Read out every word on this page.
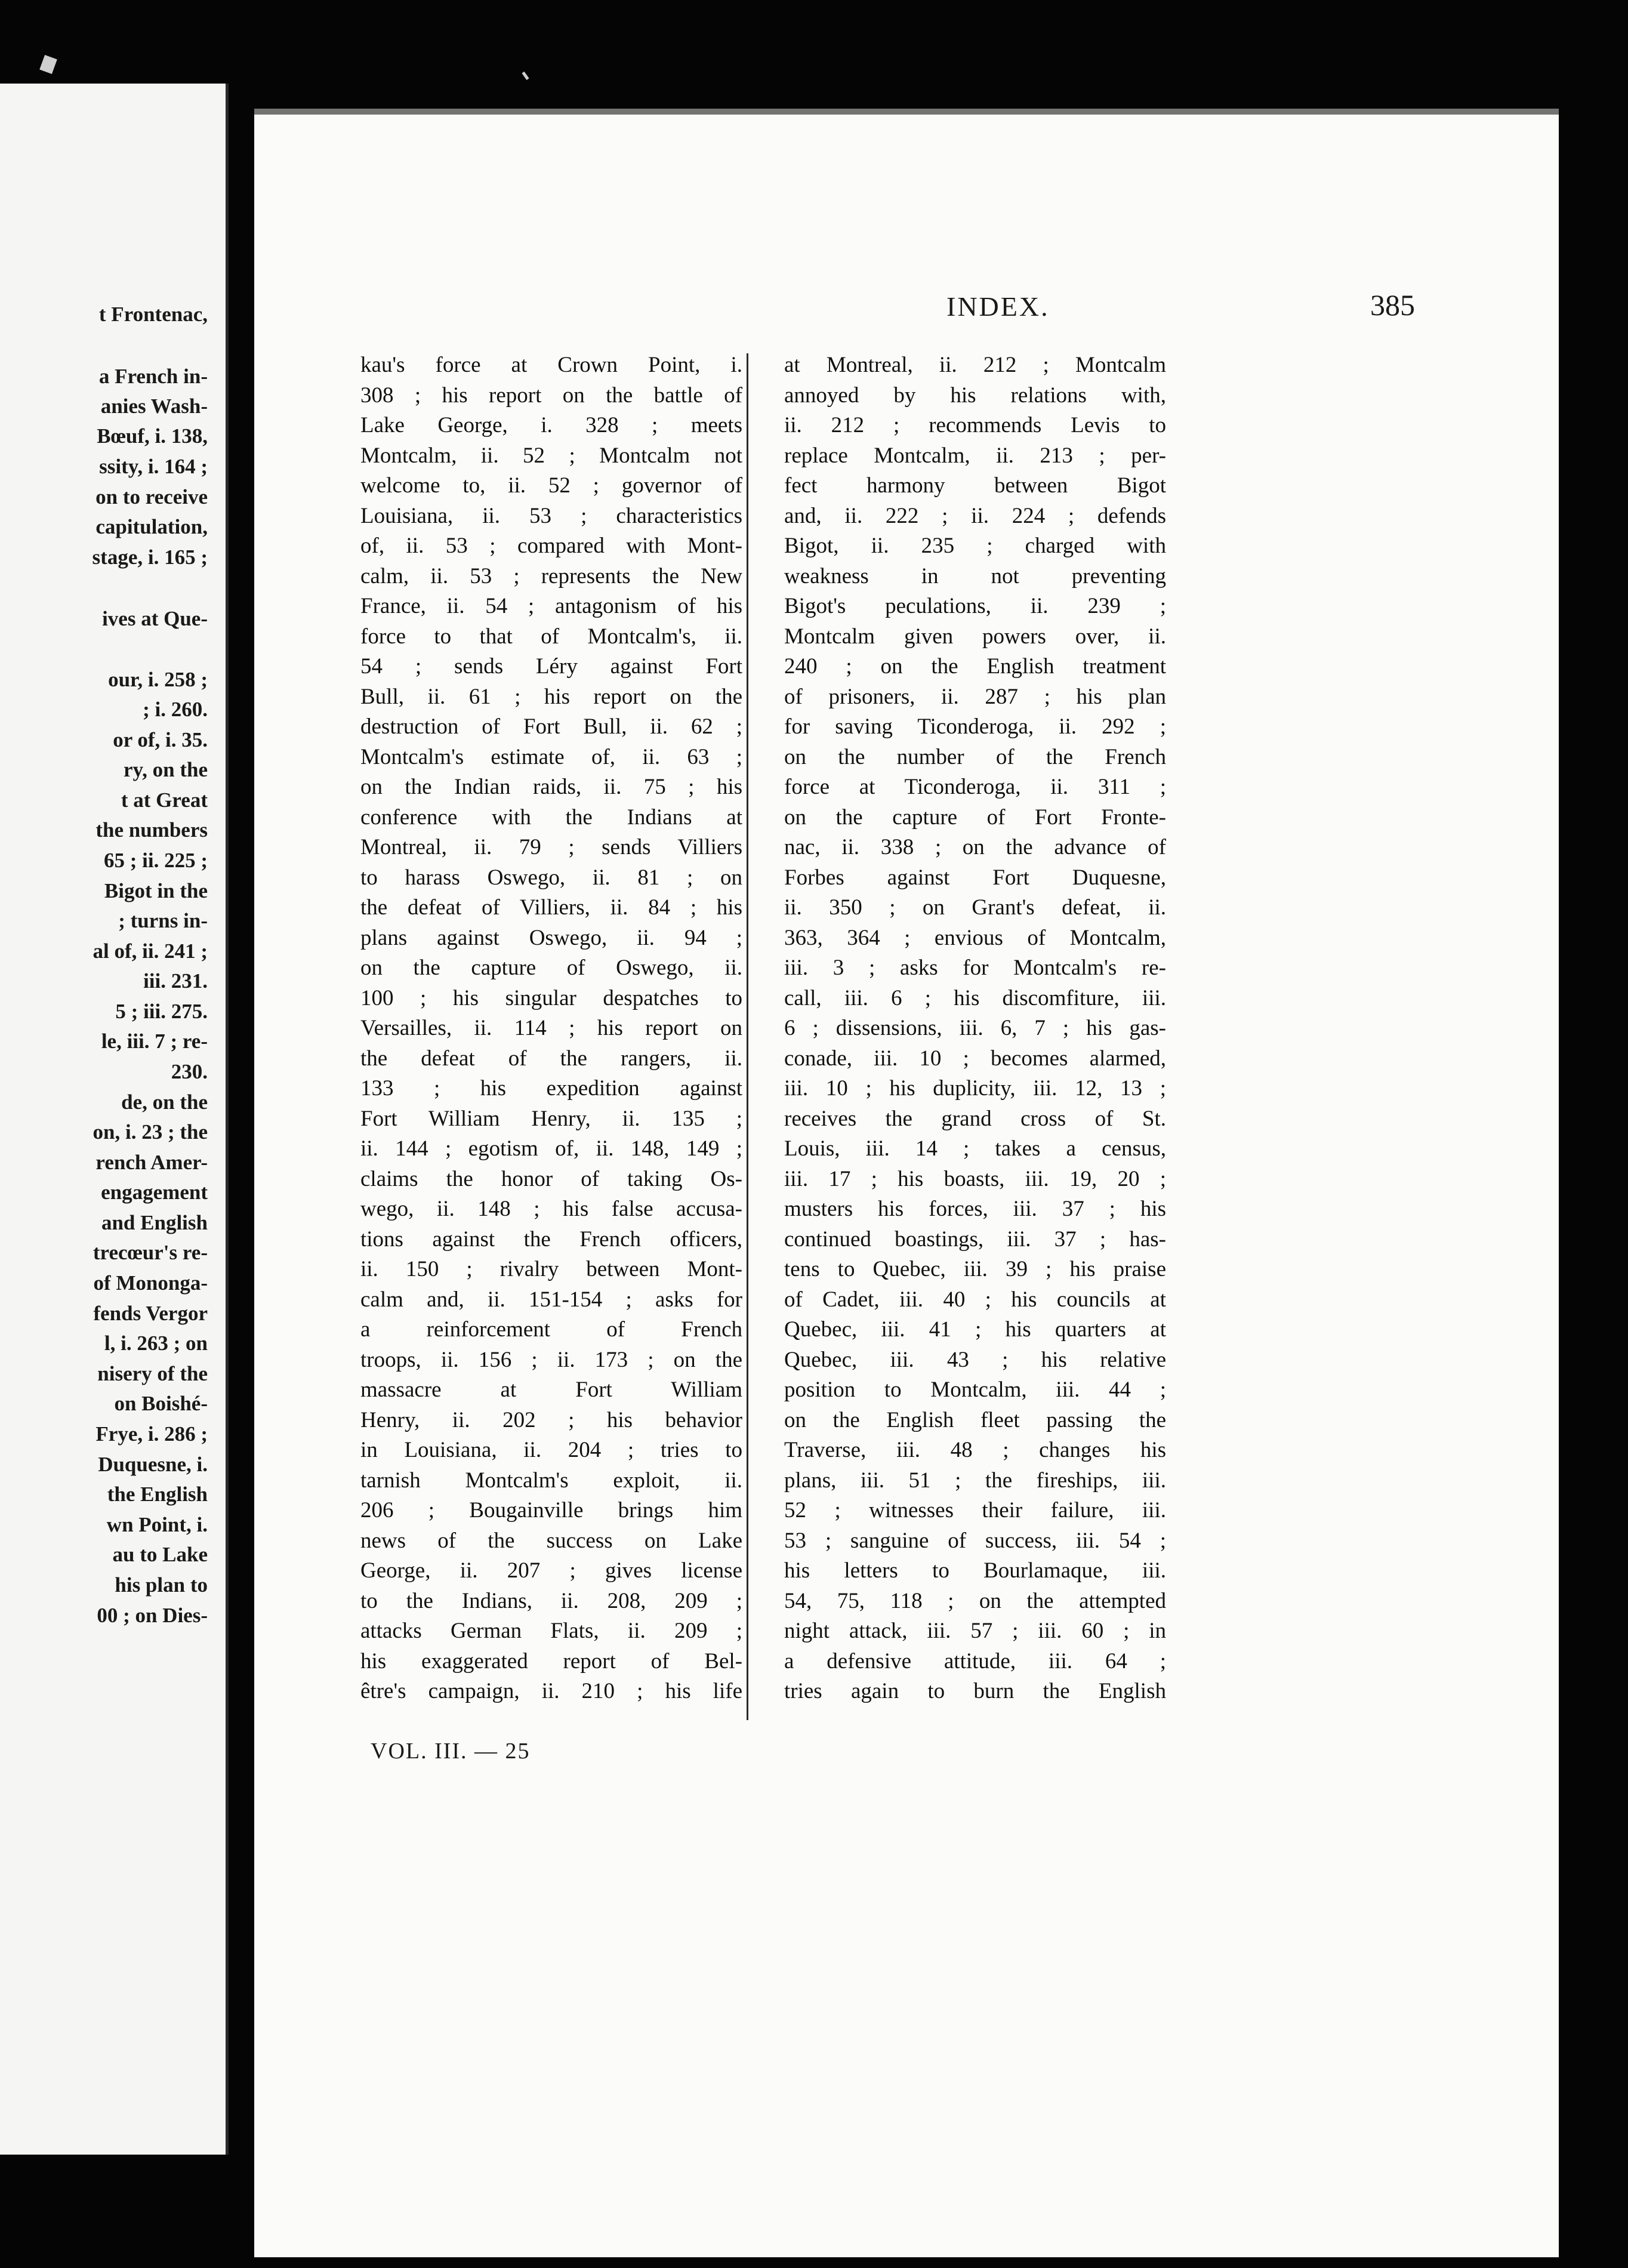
t Frontenac,
a French in-
anies Wash-
Bœuf, i. 138,
ssity, i. 164 ;
on to receive
capitulation,
stage, i. 165 ;
ives at Que-
our, i. 258 ;
; i. 260.
or of, i. 35.
ry, on the
t at Great
the numbers
65 ; ii. 225 ;
Bigot in the
; turns in-
al of, ii. 241 ;
iii. 231.
5 ; iii. 275.
le, iii. 7 ; re-
230.
de, on the
on, i. 23 ; the
rench Amer-
engagement
and English
trecœur's re-
of Mononga-
fends Vergor
l, i. 263 ; on
nisery of the
on Boishé-
Frye, i. 286 ;
Duquesne, i.
the English
wn Point, i.
au to Lake
his plan to
00 ; on Dies-
INDEX.	385
kau's force at Crown Point, i.
308 ; his report on the battle of
Lake George, i. 328 ; meets
Montcalm, ii. 52 ; Montcalm not
welcome to, ii. 52 ; governor of
Louisiana, ii. 53 ; characteristics
of, ii. 53 ; compared with Mont-
calm, ii. 53 ; represents the New
France, ii. 54 ; antagonism of his
force to that of Montcalm's, ii.
54 ; sends Léry against Fort
Bull, ii. 61 ; his report on the
destruction of Fort Bull, ii. 62 ;
Montcalm's estimate of, ii. 63 ;
on the Indian raids, ii. 75 ; his
conference with the Indians at
Montreal, ii. 79 ; sends Villiers
to harass Oswego, ii. 81 ; on
the defeat of Villiers, ii. 84 ; his
plans against Oswego, ii. 94 ;
on the capture of Oswego, ii.
100 ; his singular despatches to
Versailles, ii. 114 ; his report on
the defeat of the rangers, ii.
133 ; his expedition against
Fort William Henry, ii. 135 ;
ii. 144 ; egotism of, ii. 148, 149 ;
claims the honor of taking Os-
wego, ii. 148 ; his false accusa-
tions against the French officers,
ii. 150 ; rivalry between Mont-
calm and, ii. 151-154 ; asks for
a reinforcement of French
troops, ii. 156 ; ii. 173 ; on the
massacre at Fort William
Henry, ii. 202 ; his behavior
in Louisiana, ii. 204 ; tries to
tarnish Montcalm's exploit, ii.
206 ; Bougainville brings him
news of the success on Lake
George, ii. 207 ; gives license
to the Indians, ii. 208, 209 ;
attacks German Flats, ii. 209 ;
his exaggerated report of Bel-
être's campaign, ii. 210 ; his life
at Montreal, ii. 212 ; Montcalm
annoyed by his relations with,
ii. 212 ; recommends Levis to
replace Montcalm, ii. 213 ; per-
fect harmony between Bigot
and, ii. 222 ; ii. 224 ; defends
Bigot, ii. 235 ; charged with
weakness in not preventing
Bigot's peculations, ii. 239 ;
Montcalm given powers over, ii.
240 ; on the English treatment
of prisoners, ii. 287 ; his plan
for saving Ticonderoga, ii. 292 ;
on the number of the French
force at Ticonderoga, ii. 311 ;
on the capture of Fort Fronte-
nac, ii. 338 ; on the advance of
Forbes against Fort Duquesne,
ii. 350 ; on Grant's defeat, ii.
363, 364 ; envious of Montcalm,
iii. 3 ; asks for Montcalm's re-
call, iii. 6 ; his discomfiture, iii.
6 ; dissensions, iii. 6, 7 ; his gas-
conade, iii. 10 ; becomes alarmed,
iii. 10 ; his duplicity, iii. 12, 13 ;
receives the grand cross of St.
Louis, iii. 14 ; takes a census,
iii. 17 ; his boasts, iii. 19, 20 ;
musters his forces, iii. 37 ; his
continued boastings, iii. 37 ; has-
tens to Quebec, iii. 39 ; his praise
of Cadet, iii. 40 ; his councils at
Quebec, iii. 41 ; his quarters at
Quebec, iii. 43 ; his relative
position to Montcalm, iii. 44 ;
on the English fleet passing the
Traverse, iii. 48 ; changes his
plans, iii. 51 ; the fireships, iii.
52 ; witnesses their failure, iii.
53 ; sanguine of success, iii. 54 ;
his letters to Bourlamaque, iii.
54, 75, 118 ; on the attempted
night attack, iii. 57 ; iii. 60 ; in
a defensive attitude, iii. 64 ;
tries again to burn the English
VOL. III. — 25
